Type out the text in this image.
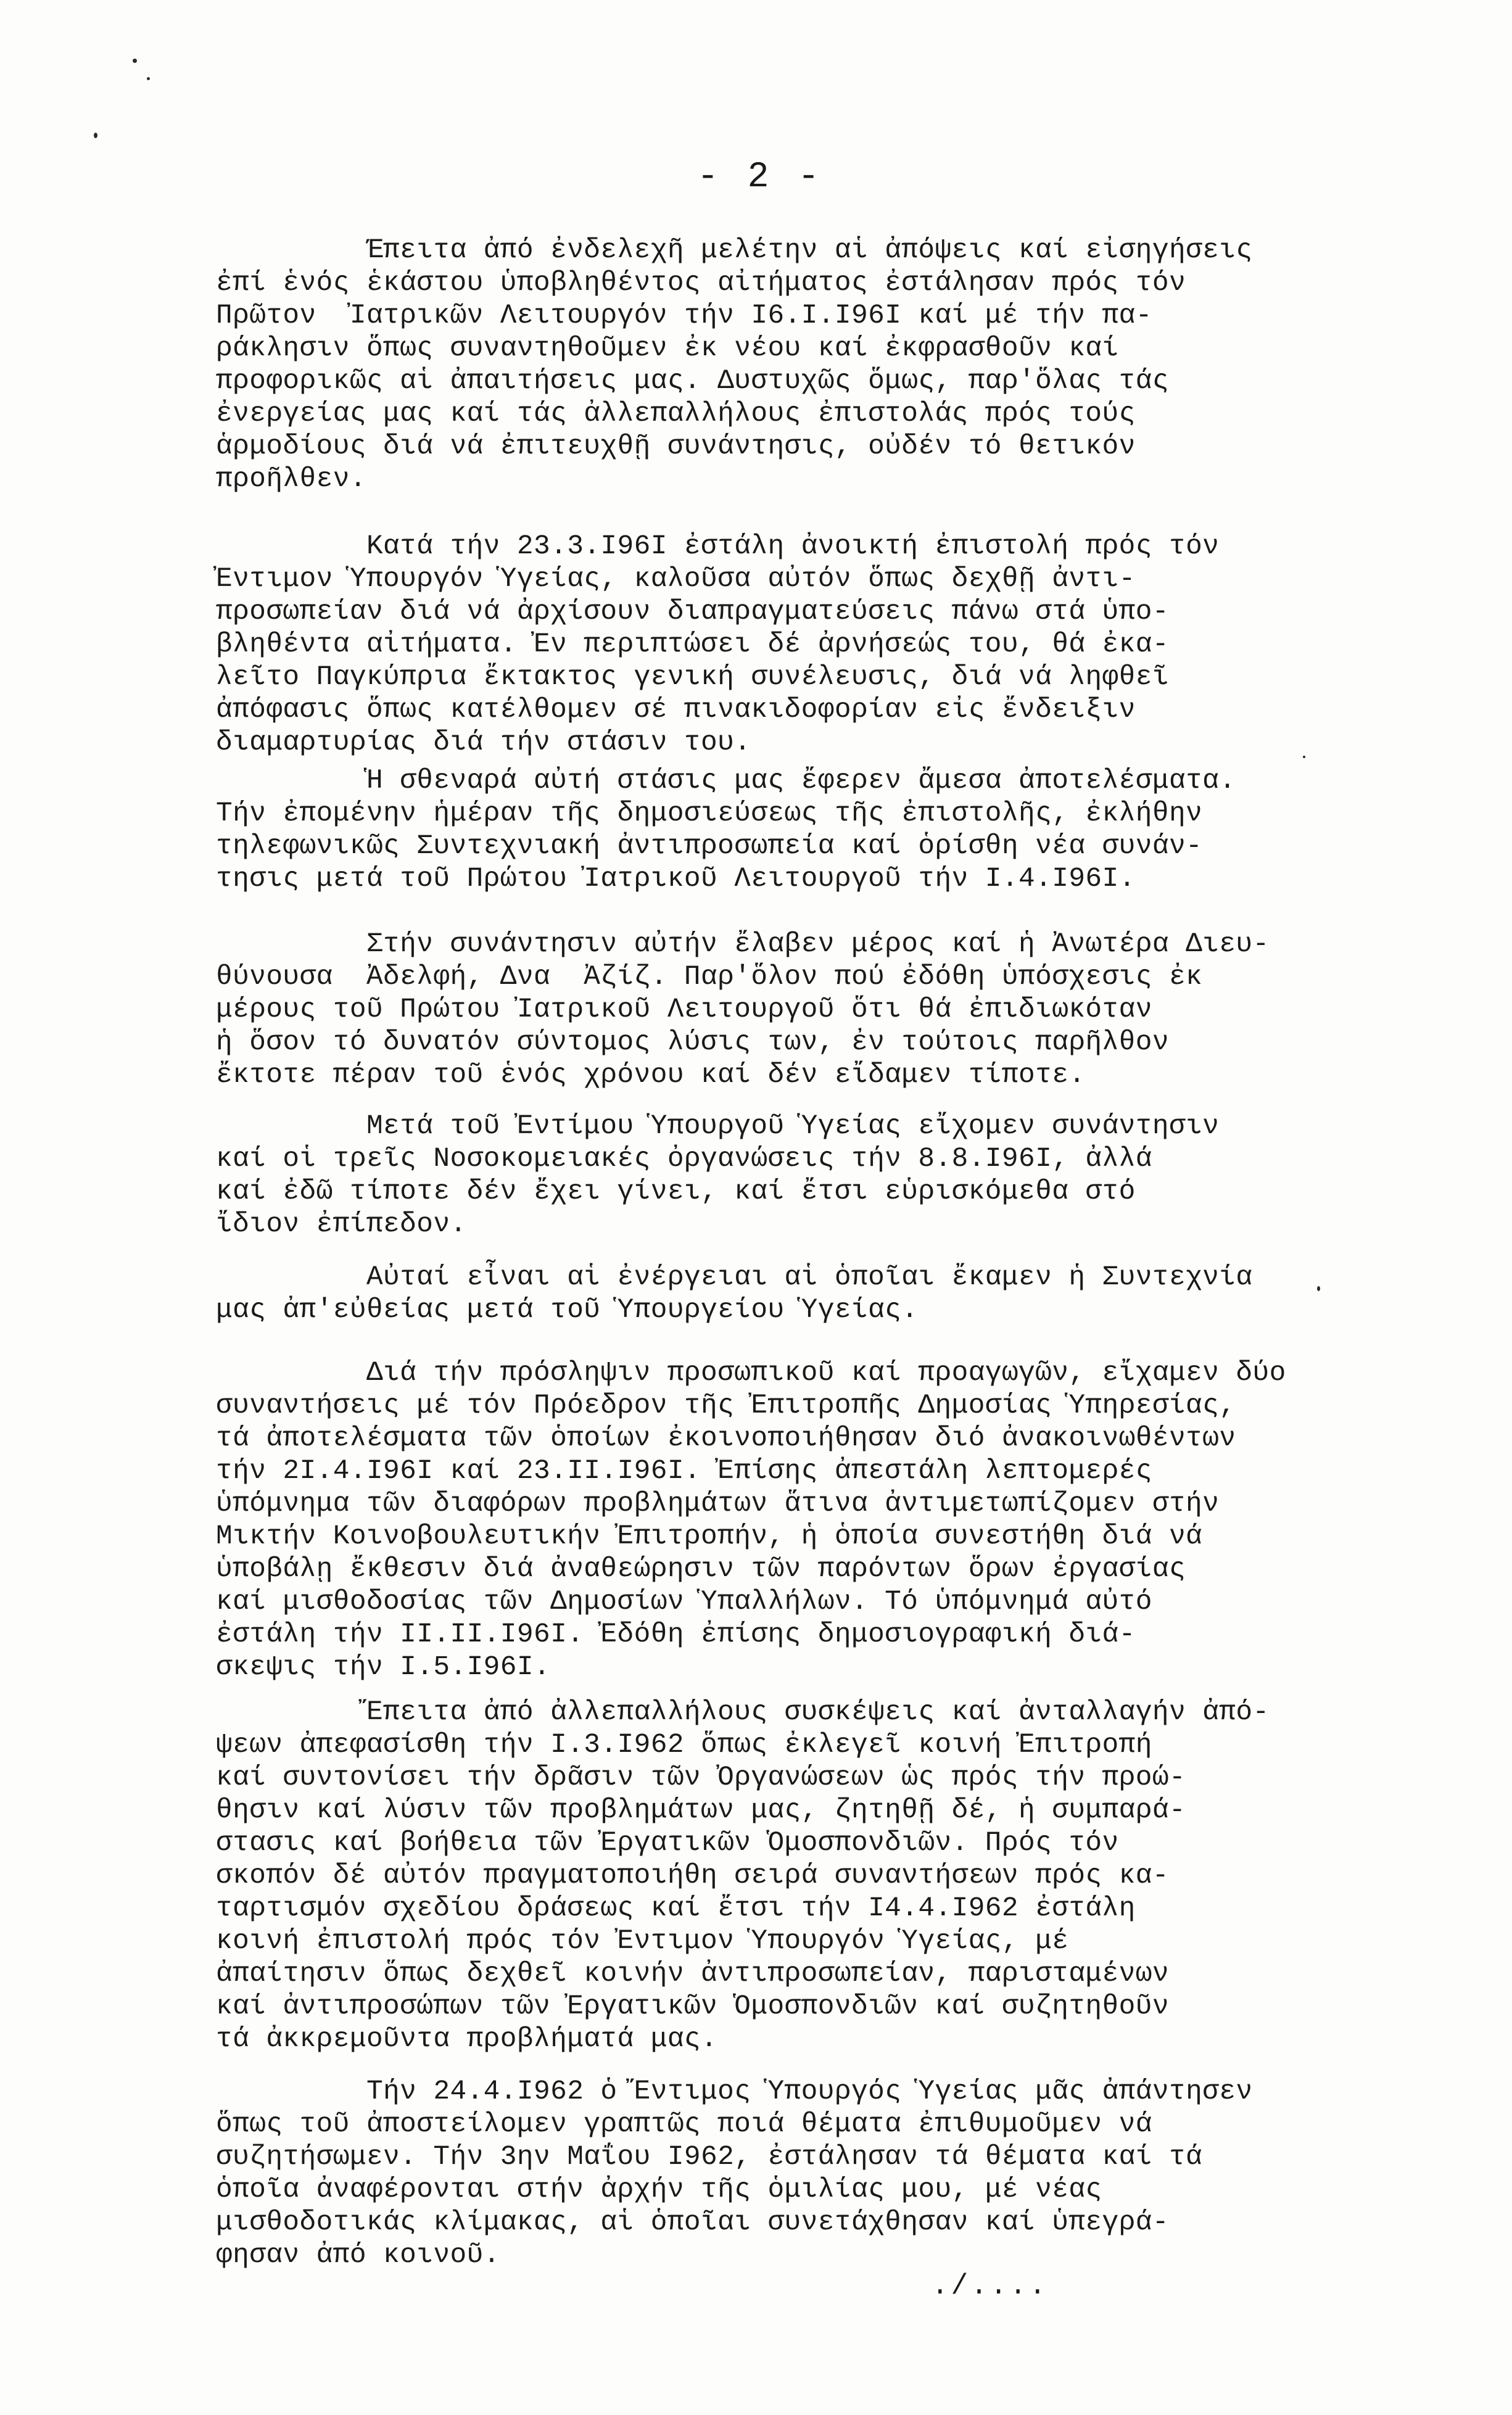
- 2 -
Έπειτα ἀπό ἐνδελεχῆ μελέτην αἱ ἀπόψεις καί εἰσηγήσεις
ἐπί ἑνός ἑκάστου ὑποβληθέντος αἰτήματος ἐστάλησαν πρός τόν
Πρῶτον  Ἰατρικῶν Λειτουργόν τήν I6.I.I96I καί μέ τήν πα-
ράκλησιν ὅπως συναντηθοῦμεν ἐκ νέου καί ἐκφρασθοῦν καί
προφορικῶς αἱ ἀπαιτήσεις μας. Δυστυχῶς ὅμως, παρ'ὅλας τάς
ἐνεργείας μας καί τάς ἀλλεπαλλήλους ἐπιστολάς πρός τούς
ἁρμοδίους διά νά ἐπιτευχθῇ συνάντησις, οὐδέν τό θετικόν
προῆλθεν.
Κατά τήν 23.3.I96I ἐστάλη ἀνοικτή ἐπιστολή πρός τόν
Ἐντιμον Ὑπουργόν Ὑγείας, καλοῦσα αὐτόν ὅπως δεχθῇ ἀντι-
προσωπείαν διά νά ἀρχίσουν διαπραγματεύσεις πάνω στά ὑπο-
βληθέντα αἰτήματα. Ἐν περιπτώσει δέ ἀρνήσεώς του, θά ἐκα-
λεῖτο Παγκύπρια ἔκτακτος γενική συνέλευσις, διά νά ληφθεῖ
ἀπόφασις ὅπως κατέλθομεν σέ πινακιδοφορίαν εἰς ἔνδειξιν
διαμαρτυρίας διά τήν στάσιν του.
Ἡ σθεναρά αὐτή στάσις μας ἔφερεν ἄμεσα ἀποτελέσματα.
Τήν ἐπομένην ἡμέραν τῆς δημοσιεύσεως τῆς ἐπιστολῆς, ἐκλήθην
τηλεφωνικῶς Συντεχνιακή ἀντιπροσωπεία καί ὁρίσθη νέα συνάν-
τησις μετά τοῦ Πρώτου Ἰατρικοῦ Λειτουργοῦ τήν I.4.I96I.
Στήν συνάντησιν αὐτήν ἔλαβεν μέρος καί ἡ Ἀνωτέρα Διευ-
θύνουσα  Ἀδελφή, Δνα  Ἀζίζ. Παρ'ὅλον πού ἐδόθη ὑπόσχεσις ἐκ
μέρους τοῦ Πρώτου Ἰατρικοῦ Λειτουργοῦ ὅτι θά ἐπιδιωκόταν
ἡ ὅσον τό δυνατόν σύντομος λύσις των, ἐν τούτοις παρῆλθον
ἔκτοτε πέραν τοῦ ἑνός χρόνου καί δέν εἴδαμεν τίποτε.
Μετά τοῦ Ἐντίμου Ὑπουργοῦ Ὑγείας εἴχομεν συνάντησιν
καί οἱ τρεῖς Νοσοκομειακές ὀργανώσεις τήν 8.8.I96I, ἀλλά
καί ἐδῶ τίποτε δέν ἔχει γίνει, καί ἔτσι εὑρισκόμεθα στό
ἴδιον ἐπίπεδον.
Αὐταί εἶναι αἱ ἐνέργειαι αἱ ὁποῖαι ἔκαμεν ἡ Συντεχνία
μας ἀπ'εὐθείας μετά τοῦ Ὑπουργείου Ὑγείας.
Διά τήν πρόσληψιν προσωπικοῦ καί προαγωγῶν, εἴχαμεν δύο
συναντήσεις μέ τόν Πρόεδρον τῆς Ἐπιτροπῆς Δημοσίας Ὑπηρεσίας,
τά ἀποτελέσματα τῶν ὁποίων ἐκοινοποιήθησαν διό ἀνακοινωθέντων
τήν 2I.4.I96I καί 23.II.I96I. Ἐπίσης ἀπεστάλη λεπτομερές
ὑπόμνημα τῶν διαφόρων προβλημάτων ἅτινα ἀντιμετωπίζομεν στήν
Μικτήν Κοινοβουλευτικήν Ἐπιτροπήν, ἡ ὁποία συνεστήθη διά νά
ὑποβάλῃ ἔκθεσιν διά ἀναθεώρησιν τῶν παρόντων ὅρων ἐργασίας
καί μισθοδοσίας τῶν Δημοσίων Ὑπαλλήλων. Τό ὑπόμνημά αὐτό
ἐστάλη τήν II.II.I96I. Ἐδόθη ἐπίσης δημοσιογραφική διά-
σκεψις τήν I.5.I96I.
Ἔπειτα ἀπό ἀλλεπαλλήλους συσκέψεις καί ἀνταλλαγήν ἀπό-
ψεων ἀπεφασίσθη τήν I.3.I962 ὅπως ἐκλεγεῖ κοινή Ἐπιτροπή
καί συντονίσει τήν δρᾶσιν τῶν Ὀργανώσεων ὡς πρός τήν προώ-
θησιν καί λύσιν τῶν προβλημάτων μας, ζητηθῇ δέ, ἡ συμπαρά-
στασις καί βοήθεια τῶν Ἐργατικῶν Ὁμοσπονδιῶν. Πρός τόν
σκοπόν δέ αὐτόν πραγματοποιήθη σειρά συναντήσεων πρός κα-
ταρτισμόν σχεδίου δράσεως καί ἔτσι τήν I4.4.I962 ἐστάλη
κοινή ἐπιστολή πρός τόν Ἐντιμον Ὑπουργόν Ὑγείας, μέ
ἀπαίτησιν ὅπως δεχθεῖ κοινήν ἀντιπροσωπείαν, παρισταμένων
καί ἀντιπροσώπων τῶν Ἐργατικῶν Ὁμοσπονδιῶν καί συζητηθοῦν
τά ἀκκρεμοῦντα προβλήματά μας.
Τήν 24.4.I962 ὁ Ἔντιμος Ὑπουργός Ὑγείας μᾶς ἀπάντησεν
ὅπως τοῦ ἀποστείλομεν γραπτῶς ποιά θέματα ἐπιθυμοῦμεν νά
συζητήσωμεν. Τήν 3ην Μαΐου I962, ἐστάλησαν τά θέματα καί τά
ὁποῖα ἀναφέρονται στήν ἀρχήν τῆς ὁμιλίας μου, μέ νέας
μισθοδοτικάς κλίμακας, αἱ ὁποῖαι συνετάχθησαν καί ὑπεγρά-
φησαν ἀπό κοινοῦ.
./....
